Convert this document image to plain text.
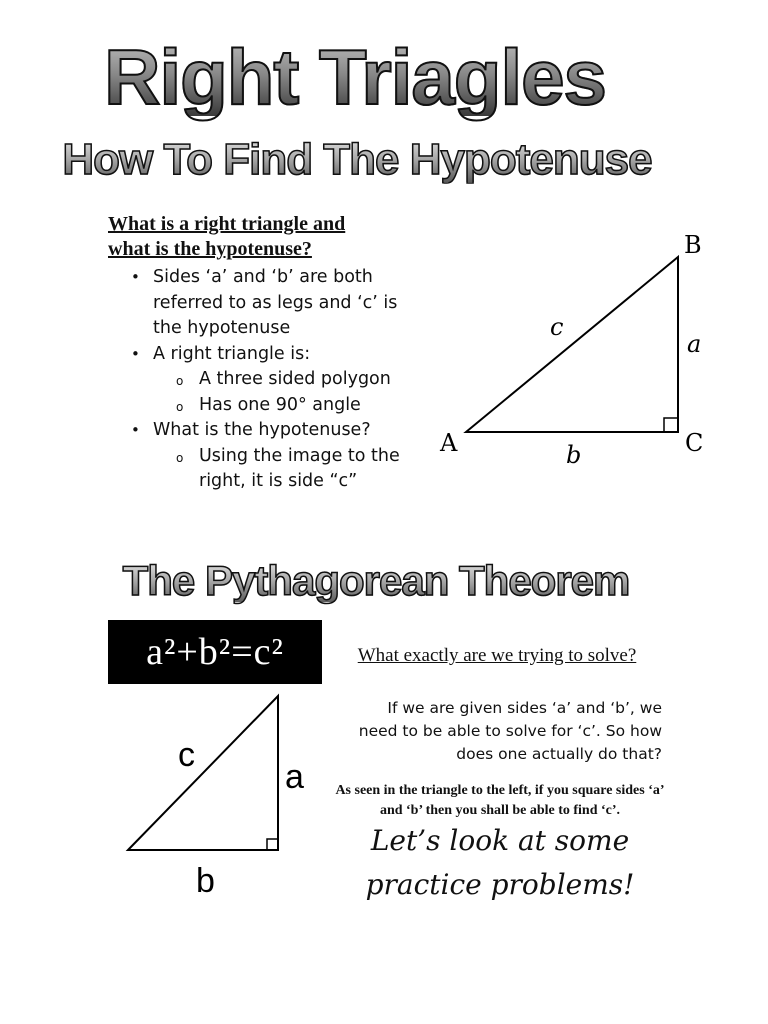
Right Triagles
How To Find The Hypotenuse
What is a right triangle and
what is the hypotenuse?
• Sides ‘a’ and ‘b’ are both referred to as legs and ‘c’ is the hypotenuse
• A right triangle is:
o A three sided polygon
o Has one 90° angle
• What is the hypotenuse?
o Using the image to the right, it is side “c”
B
A	C
a
b
c
The Pythagorean Theorem
a²+b²=c²
c
a
b
What exactly are we trying to solve?
If we are given sides ‘a’ and ‘b’, we need to be able to solve for ‘c’. So how does one actually do that?
As seen in the triangle to the left, if you square sides ‘a’ and ‘b’ then you shall be able to find ‘c’.
Let’s look at some practice problems!
